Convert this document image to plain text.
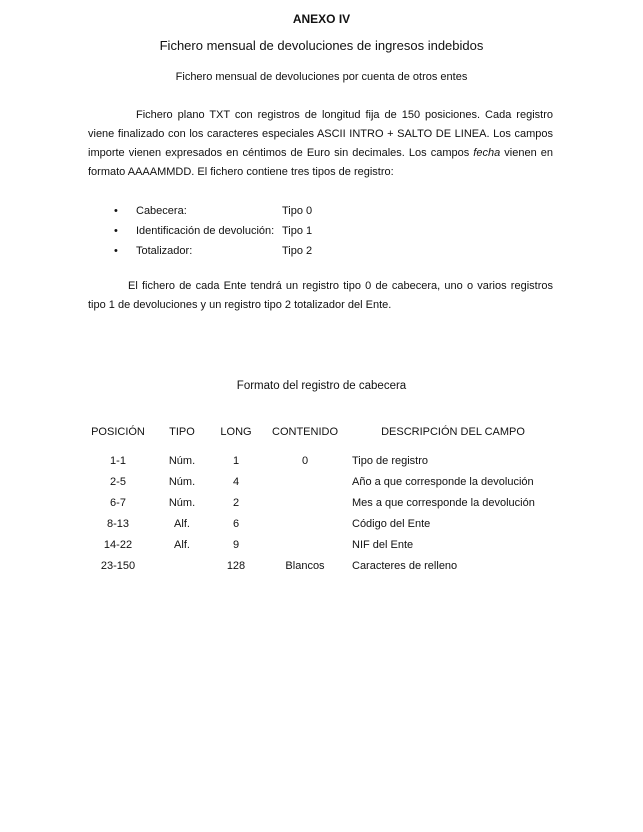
ANEXO IV
Fichero mensual de devoluciones de ingresos indebidos
Fichero mensual de devoluciones por cuenta de otros entes

Fichero plano TXT con registros de longitud fija de 150 posiciones. Cada registro viene finalizado con los caracteres especiales ASCII INTRO + SALTO DE LINEA. Los campos importe vienen expresados en céntimos de Euro sin decimales. Los campos fecha vienen en formato AAAAMMDD. El fichero contiene tres tipos de registro:

•	Cabecera:	Tipo 0
•	Identificación de devolución: Tipo 1
•	Totalizador:	Tipo 2

El fichero de cada Ente tendrá un registro tipo 0 de cabecera, uno o varios registros tipo 1 de devoluciones y un registro tipo 2 totalizador del Ente.

Formato del registro de cabecera
POSICIÓN	TIPO	LONG	CONTENIDO	DESCRIPCIÓN DEL CAMPO

1-1	Núm.	1	0	Tipo de registro
2-5	Núm.	4		Año a que corresponde la devolución
6-7	Núm.	2		Mes a que corresponde la devolución
8-13	Alf.	6		Código del Ente
14-22	Alf.	9		NIF del Ente
23-150		128	Blancos	Caracteres de relleno
